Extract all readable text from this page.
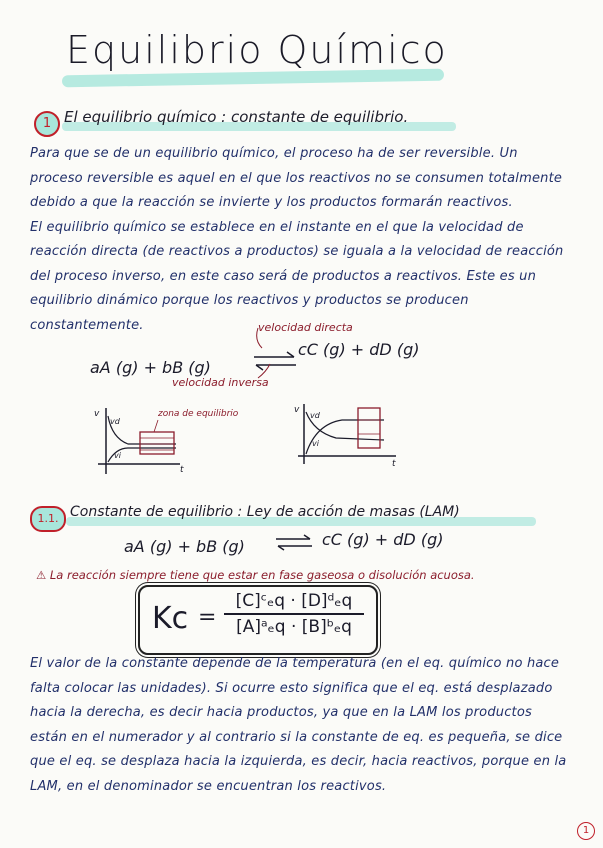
Equilibrio Químico
1 El equilibrio químico : constante de equilibrio.

Para que se de un equilibrio químico, el proceso ha de ser reversible. Un proceso reversible es aquel en el que los reactivos no se consumen totalmente debido a que la reacción se invierte y los productos formarán reactivos.

El equilibrio químico se establece en el instante en el que la velocidad de reacción directa (de reactivos a productos) se iguala a la velocidad de reacción del proceso inverso, en este caso será de productos a reactivos. Este es un equilibrio dinámico porque los reactivos y productos se producen constantemente.

aA (g) + bB (g)
cC (g) + dD (g)
velocidad directa
velocidad inversa
v
t
vd
vi
zona de equilibrio	v
t
vd
vi
1.1. Constante de equilibrio : Ley de acción de masas (LAM)
aA (g) + bB (g) ⇌ cC (g) + dD (g)
⚠ La reacción siempre tiene que estar en fase gaseosa o disolución acuosa.
Kc =
[C]ᶜₑq · [D]ᵈₑq
[A]ᵃₑq · [B]ᵇₑq

El valor de la constante depende de la temperatura (en el eq. químico no hace falta colocar las unidades). Si ocurre esto significa que el eq. está desplazado hacia la derecha, es decir hacia productos, ya que en la LAM los productos están en el numerador y al contrario si la constante de eq. es pequeña, se dice que el eq. se desplaza hacia la izquierda, es decir, hacia reactivos, porque en la LAM, en el denominador se encuentran los reactivos.

1
